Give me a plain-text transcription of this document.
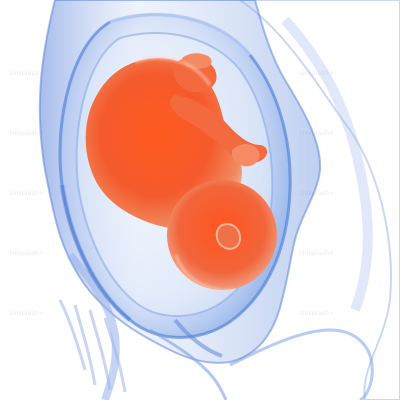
Unsplash+	Unsplash+
Unsplash+	Unsplash+
Unsplash+	Unsplash+
Unsplash+	Unsplash+
Unsplash+	Unsplash+
